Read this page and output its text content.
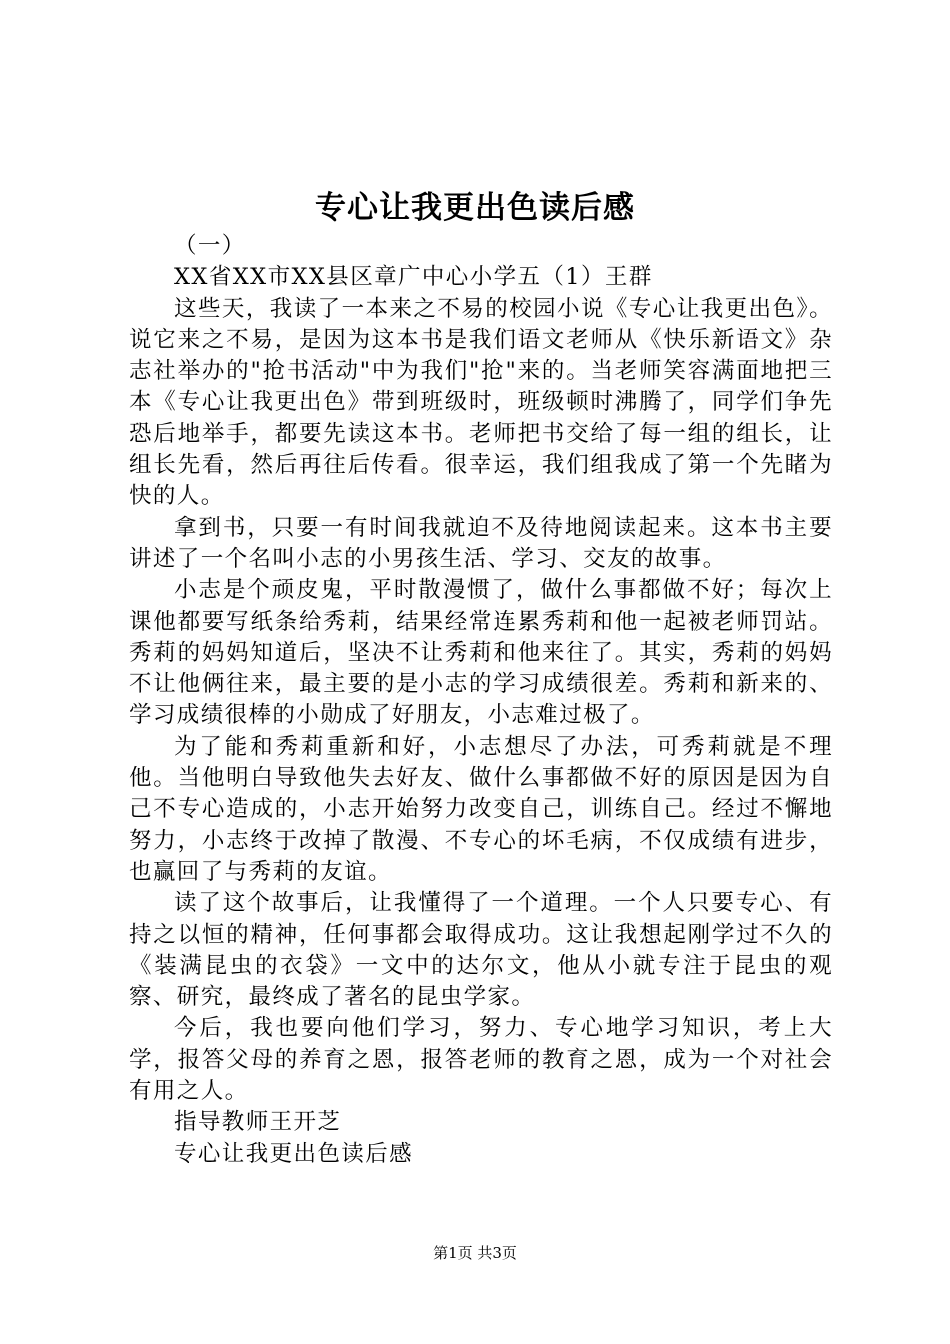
专心让我更出色读后感

（一）

XX省XX市XX县区章广中心小学五（1）王群

这些天，我读了一本来之不易的校园小说《专心让我更出色》。说它来之不易，是因为这本书是我们语文老师从《快乐新语文》杂志社举办的"抢书活动"中为我们"抢"来的。当老师笑容满面地把三本《专心让我更出色》带到班级时，班级顿时沸腾了，同学们争先恐后地举手，都要先读这本书。老师把书交给了每一组的组长，让组长先看，然后再往后传看。很幸运，我们组我成了第一个先睹为快的人。

拿到书，只要一有时间我就迫不及待地阅读起来。这本书主要讲述了一个名叫小志的小男孩生活、学习、交友的故事。

小志是个顽皮鬼，平时散漫惯了，做什么事都做不好；每次上课他都要写纸条给秀莉，结果经常连累秀莉和他一起被老师罚站。秀莉的妈妈知道后，坚决不让秀莉和他来往了。其实，秀莉的妈妈不让他俩往来，最主要的是小志的学习成绩很差。秀莉和新来的、学习成绩很棒的小勋成了好朋友，小志难过极了。

为了能和秀莉重新和好，小志想尽了办法，可秀莉就是不理他。当他明白导致他失去好友、做什么事都做不好的原因是因为自己不专心造成的，小志开始努力改变自己，训练自己。经过不懈地努力，小志终于改掉了散漫、不专心的坏毛病，不仅成绩有进步，也赢回了与秀莉的友谊。

读了这个故事后，让我懂得了一个道理。一个人只要专心、有持之以恒的精神，任何事都会取得成功。这让我想起刚学过不久的《装满昆虫的衣袋》一文中的达尔文，他从小就专注于昆虫的观察、研究，最终成了著名的昆虫学家。

今后，我也要向他们学习，努力、专心地学习知识，考上大学，报答父母的养育之恩，报答老师的教育之恩，成为一个对社会有用之人。

指导教师王开芝

专心让我更出色读后感

第1页 共3页
